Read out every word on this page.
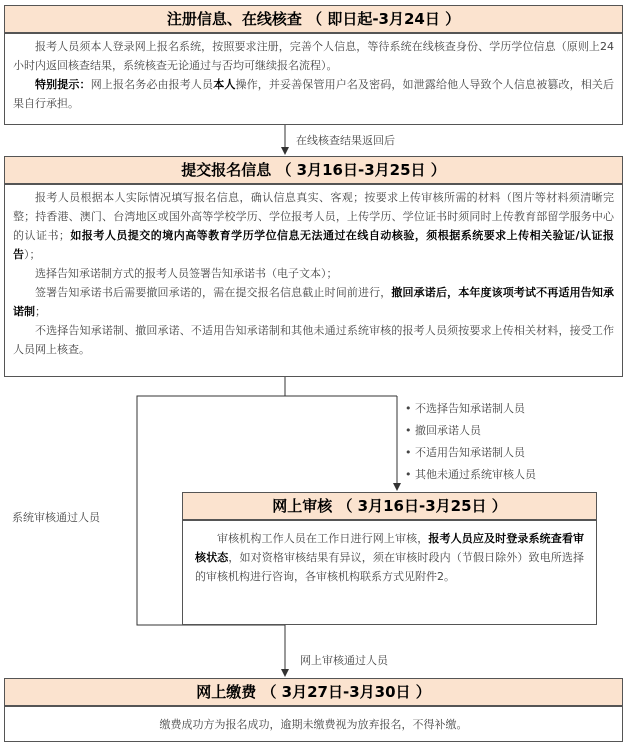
注册信息、在线核查 （ 即日起-3月24日 ）

报考人员须本人登录网上报名系统，按照要求注册，完善个人信息，等待系统在线核查身份、学历学位信息（原则上24小时内返回核查结果，系统核查无论通过与否均可继续报名流程）。

特别提示：网上报名务必由报考人员本人操作，并妥善保管用户名及密码，如泄露给他人导致个人信息被篡改，相关后果自行承担。

在线核查结果返回后
提交报名信息 （ 3月16日-3月25日 ）

报考人员根据本人实际情况填写报名信息，确认信息真实、客观；按要求上传审核所需的材料（图片等材料须清晰完整；持香港、澳门、台湾地区或国外高等学校学历、学位报考人员，上传学历、学位证书时须同时上传教育部留学服务中心的认证书；如报考人员提交的境内高等教育学历学位信息无法通过在线自动核验，须根据系统要求上传相关验证/认证报告）；

选择告知承诺制方式的报考人员签署告知承诺书（电子文本）；

签署告知承诺书后需要撤回承诺的，需在提交报名信息截止时间前进行，撤回承诺后，本年度该项考试不再适用告知承诺制；

不选择告知承诺制、撤回承诺、不适用告知承诺制和其他未通过系统审核的报考人员须按要求上传相关材料，接受工作人员网上核查。

• 不选择告知承诺制人员
• 撤回承诺人员
• 不适用告知承诺制人员
• 其他未通过系统审核人员
系统审核通过人员
网上审核 （ 3月16日-3月25日 ）

审核机构工作人员在工作日进行网上审核，报考人员应及时登录系统查看审核状态，如对资格审核结果有异议，须在审核时段内（节假日除外）致电所选择的审核机构进行咨询，各审核机构联系方式见附件2。

网上审核通过人员
网上缴费 （ 3月27日-3月30日 ）
缴费成功方为报名成功，逾期未缴费视为放弃报名，不得补缴。
